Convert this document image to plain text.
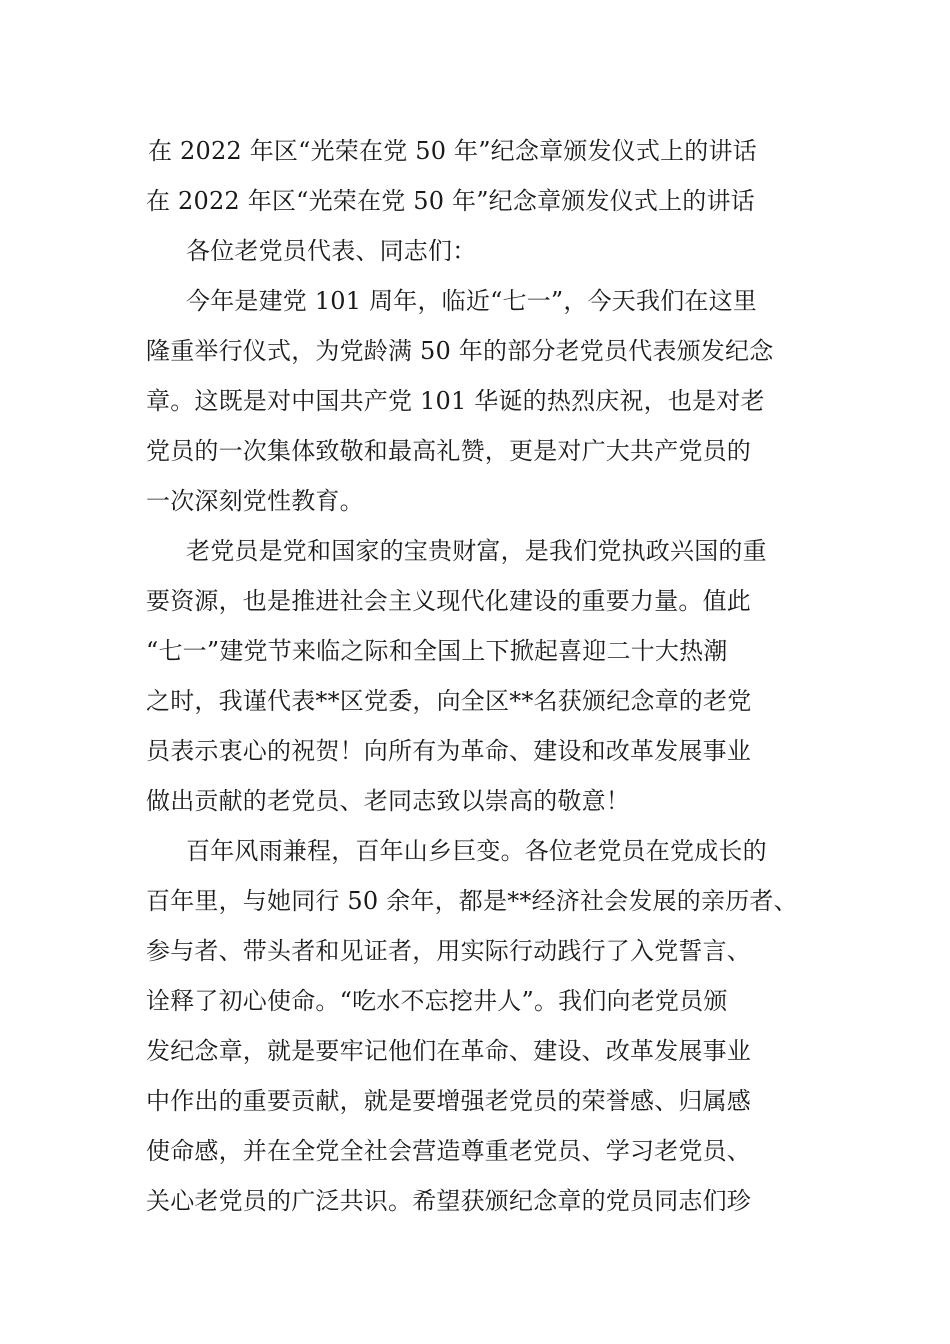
在 2022 年区“光荣在党 50 年”纪念章颁发仪式上的讲话
在 2022 年区“光荣在党 50 年”纪念章颁发仪式上的讲话
各位老党员代表、同志们：
今年是建党 101 周年，临近“七一”，今天我们在这里
隆重举行仪式，为党龄满 50 年的部分老党员代表颁发纪念
章。这既是对中国共产党 101 华诞的热烈庆祝，也是对老
党员的一次集体致敬和最高礼赞，更是对广大共产党员的
一次深刻党性教育。
老党员是党和国家的宝贵财富，是我们党执政兴国的重
要资源，也是推进社会主义现代化建设的重要力量。值此
“七一”建党节来临之际和全国上下掀起喜迎二十大热潮
之时，我谨代表**区党委，向全区**名获颁纪念章的老党
员表示衷心的祝贺！向所有为革命、建设和改革发展事业
做出贡献的老党员、老同志致以崇高的敬意！
百年风雨兼程，百年山乡巨变。各位老党员在党成长的
百年里，与她同行 50 余年，都是**经济社会发展的亲历者、
参与者、带头者和见证者，用实际行动践行了入党誓言、
诠释了初心使命。“吃水不忘挖井人”。我们向老党员颁
发纪念章，就是要牢记他们在革命、建设、改革发展事业
中作出的重要贡献，就是要增强老党员的荣誉感、归属感
使命感，并在全党全社会营造尊重老党员、学习老党员、
关心老党员的广泛共识。希望获颁纪念章的党员同志们珍
